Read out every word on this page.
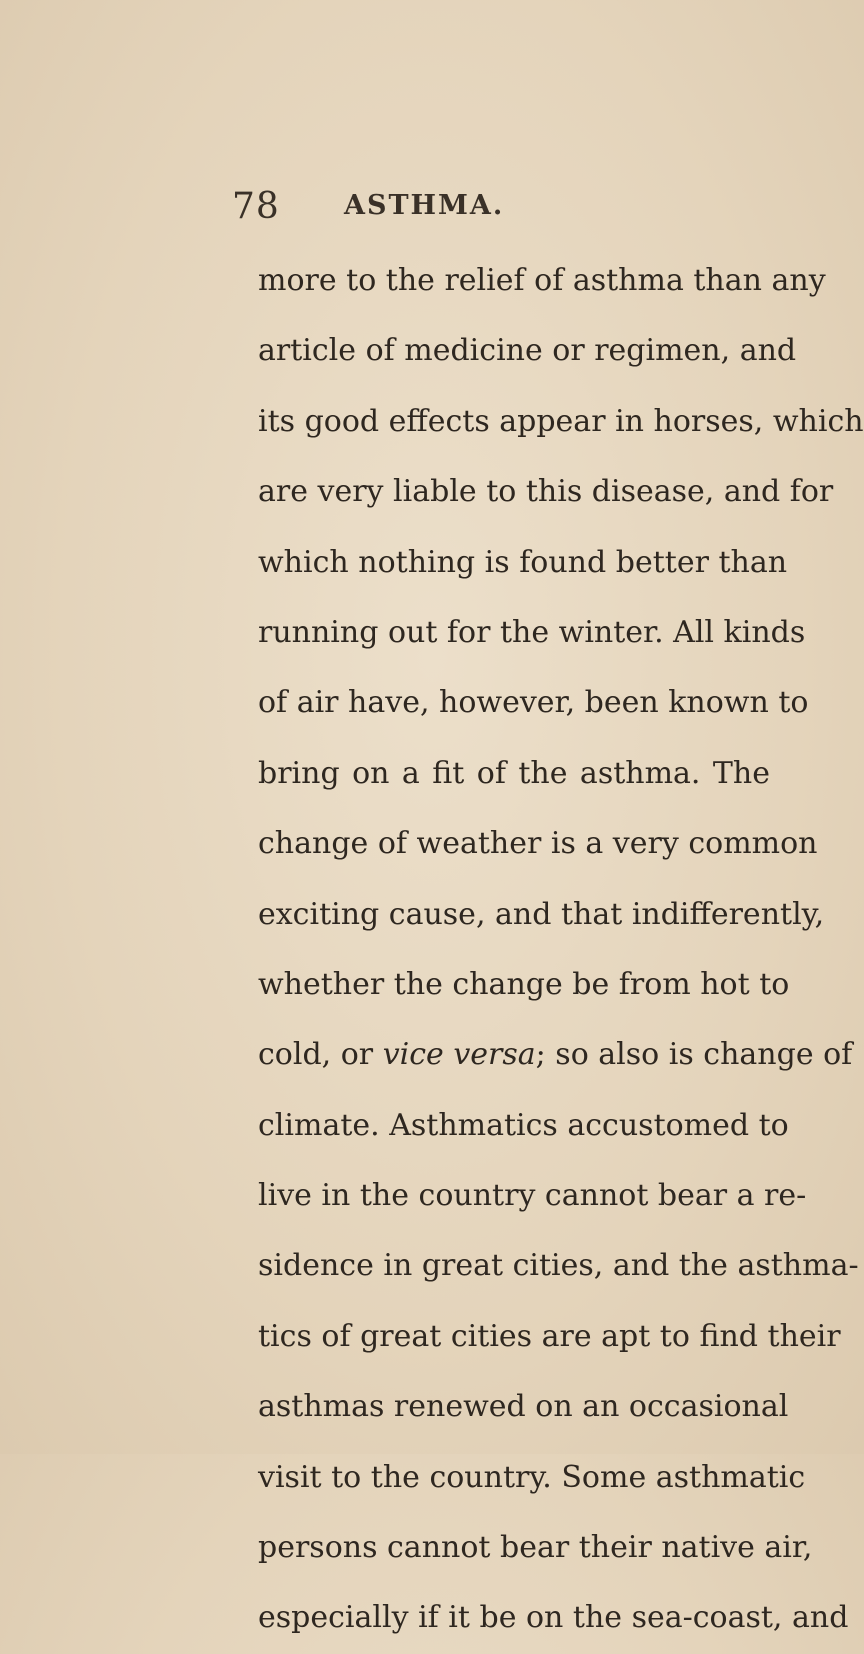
78 ASTHMA.
more to the relief of asthma than any
article of medicine or regimen, and
its good effects appear in horses, which
are very liable to this disease, and for
which nothing is found better than
running out for the winter. All kinds
of air have, however, been known to
bring on a fit of the asthma. The
change of weather is a very common
exciting cause, and that indifferently,
whether the change be from hot to
cold, or vice versa; so also is change of
climate. Asthmatics accustomed to
live in the country cannot bear a re-
sidence in great cities, and the asthma-
tics of great cities are apt to find their
asthmas renewed on an occasional
visit to the country. Some asthmatic
persons cannot bear their native air,
especially if it be on the sea-coast, and
